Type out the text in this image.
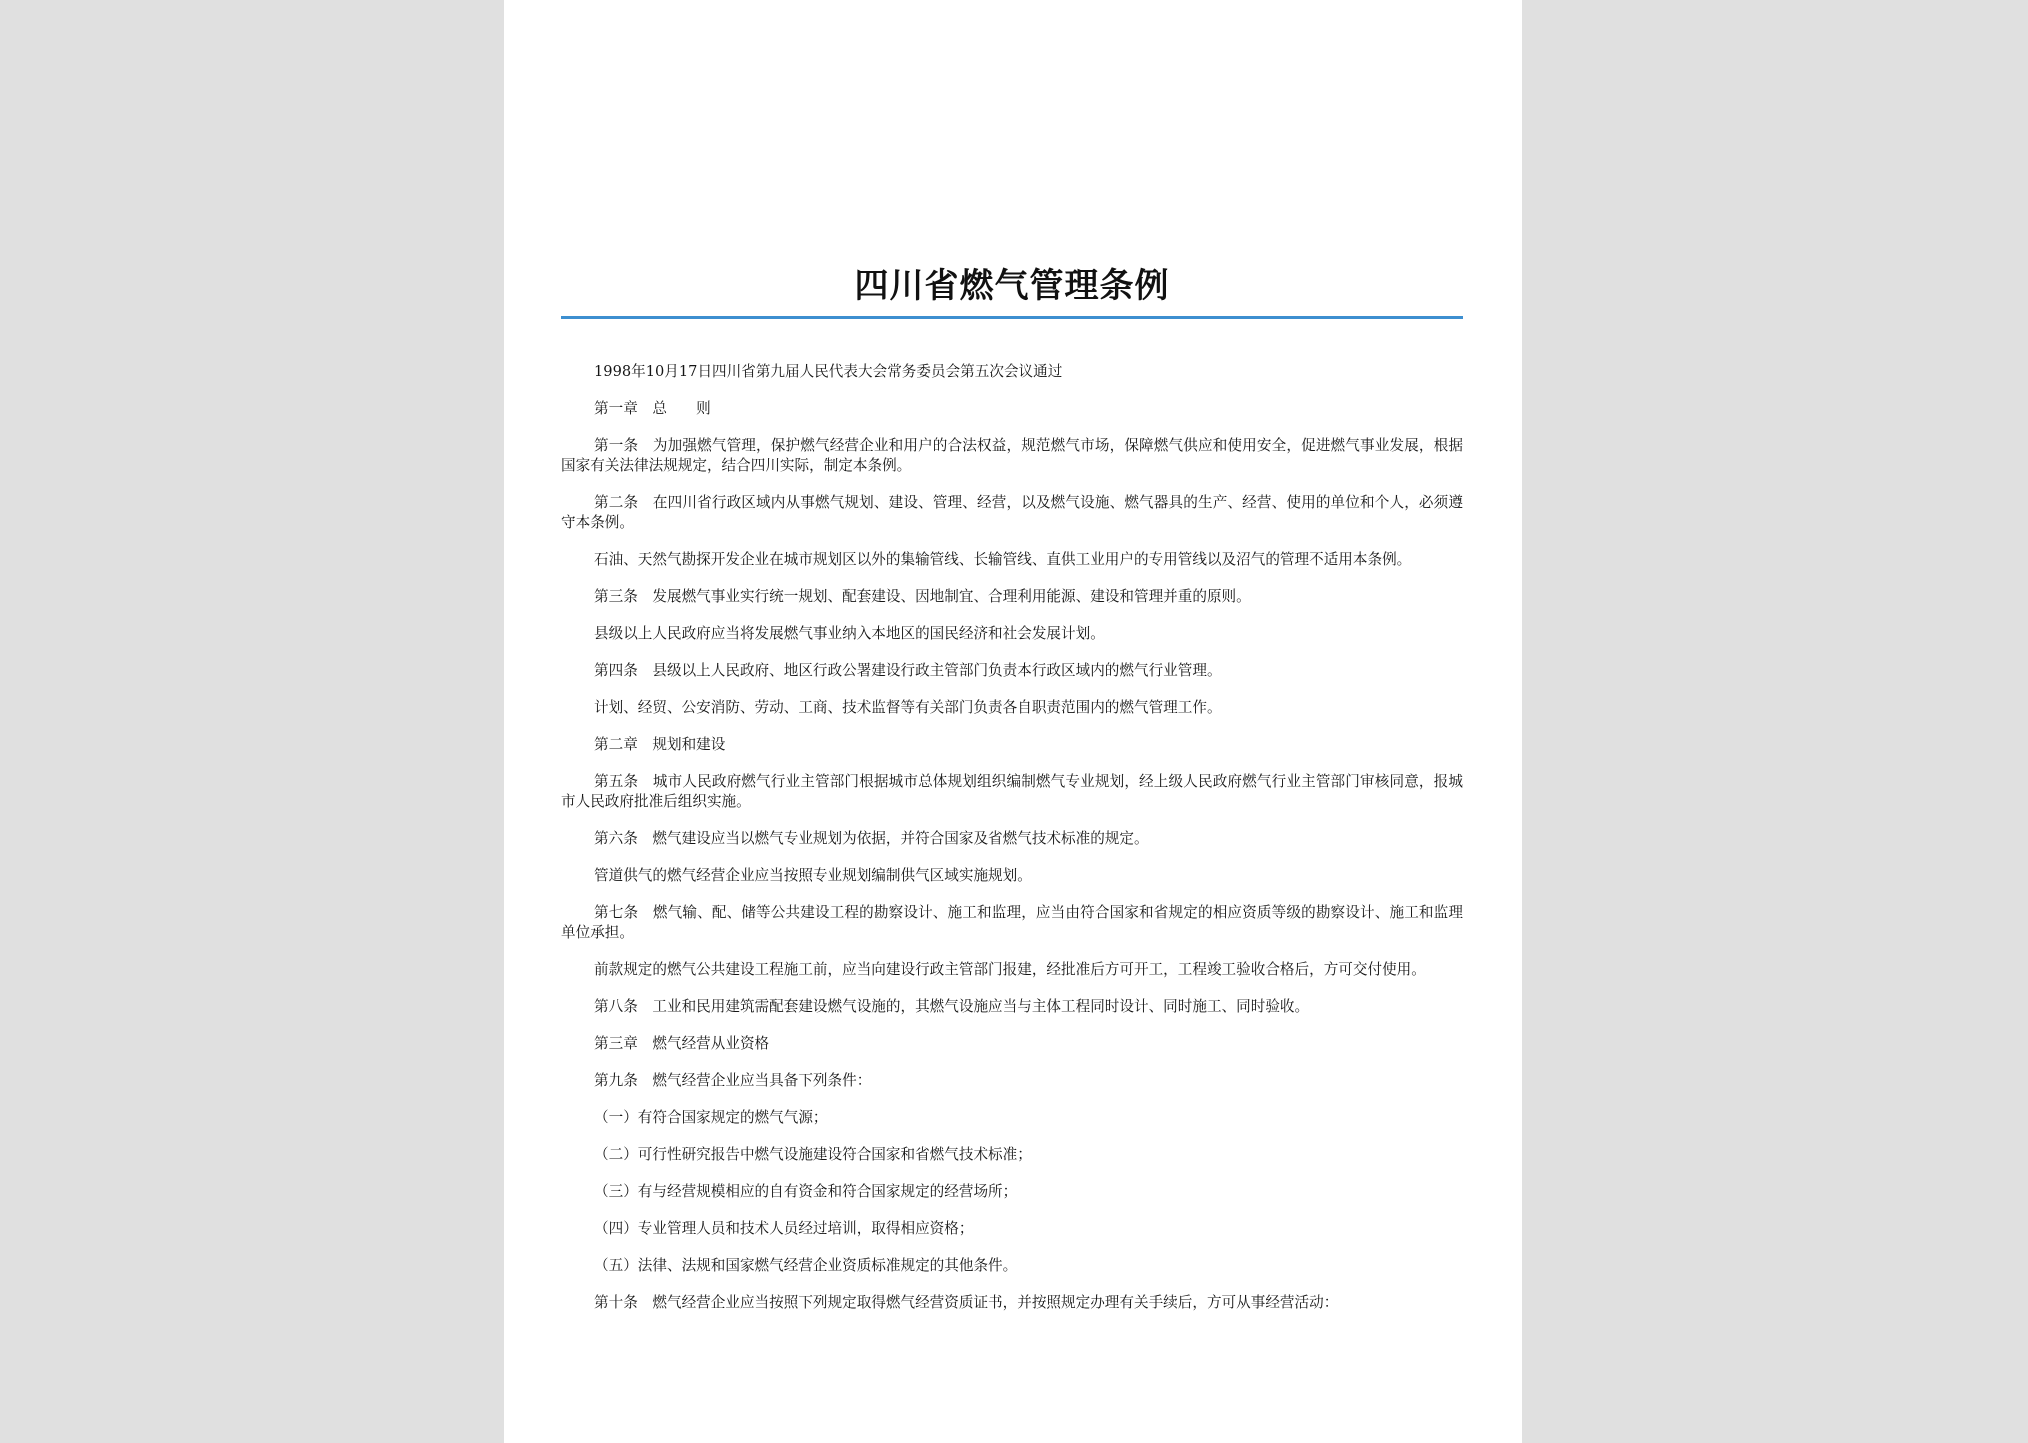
四川省燃气管理条例

1998年10月17日四川省第九届人民代表大会常务委员会第五次会议通过

第一章　总　　则

第一条　为加强燃气管理，保护燃气经营企业和用户的合法权益，规范燃气市场，保障燃气供应和使用安全，促进燃气事业发展，根据国家有关法律法规规定，结合四川实际，制定本条例。

第二条　在四川省行政区域内从事燃气规划、建设、管理、经营，以及燃气设施、燃气器具的生产、经营、使用的单位和个人，必须遵守本条例。

石油、天然气勘探开发企业在城市规划区以外的集输管线、长输管线、直供工业用户的专用管线以及沼气的管理不适用本条例。

第三条　发展燃气事业实行统一规划、配套建设、因地制宜、合理利用能源、建设和管理并重的原则。

县级以上人民政府应当将发展燃气事业纳入本地区的国民经济和社会发展计划。

第四条　县级以上人民政府、地区行政公署建设行政主管部门负责本行政区域内的燃气行业管理。

计划、经贸、公安消防、劳动、工商、技术监督等有关部门负责各自职责范围内的燃气管理工作。

第二章　规划和建设

第五条　城市人民政府燃气行业主管部门根据城市总体规划组织编制燃气专业规划，经上级人民政府燃气行业主管部门审核同意，报城市人民政府批准后组织实施。

第六条　燃气建设应当以燃气专业规划为依据，并符合国家及省燃气技术标准的规定。

管道供气的燃气经营企业应当按照专业规划编制供气区域实施规划。

第七条　燃气输、配、储等公共建设工程的勘察设计、施工和监理，应当由符合国家和省规定的相应资质等级的勘察设计、施工和监理单位承担。

前款规定的燃气公共建设工程施工前，应当向建设行政主管部门报建，经批准后方可开工，工程竣工验收合格后，方可交付使用。

第八条　工业和民用建筑需配套建设燃气设施的，其燃气设施应当与主体工程同时设计、同时施工、同时验收。

第三章　燃气经营从业资格

第九条　燃气经营企业应当具备下列条件：

（一）有符合国家规定的燃气气源；

（二）可行性研究报告中燃气设施建设符合国家和省燃气技术标准；

（三）有与经营规模相应的自有资金和符合国家规定的经营场所；

（四）专业管理人员和技术人员经过培训，取得相应资格；

（五）法律、法规和国家燃气经营企业资质标准规定的其他条件。

第十条　燃气经营企业应当按照下列规定取得燃气经营资质证书，并按照规定办理有关手续后，方可从事经营活动：
